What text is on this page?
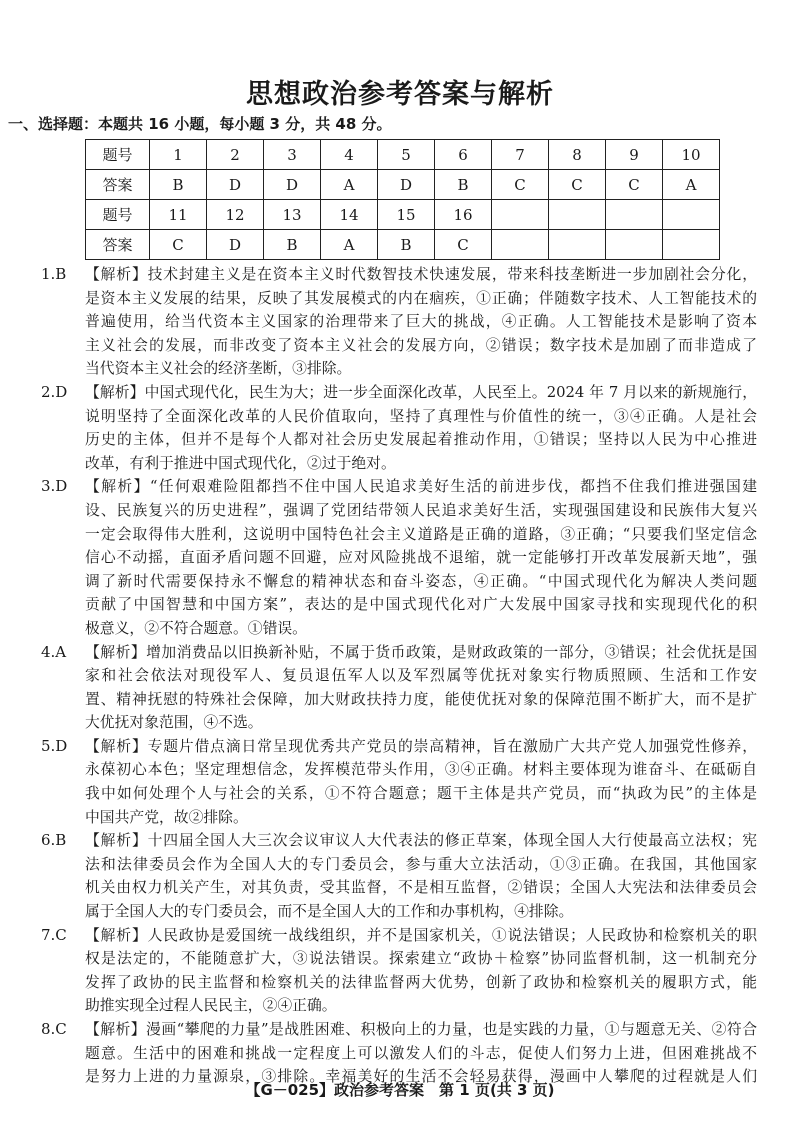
思想政治参考答案与解析
一、选择题：本题共 16 小题，每小题 3 分，共 48 分。
题号	1	2	3	4	5	6	7	8	9	10
答案	B	D	D	A	D	B	C	C	C	A
题号	11	12	13	14	15	16				
答案	C	D	B	A	B	C				
1.B 【解析】技术封建主义是在资本主义时代数智技术快速发展，带来科技垄断进一步加剧社会分化，
是资本主义发展的结果，反映了其发展模式的内在痼疾，①正确；伴随数字技术、人工智能技术的
普遍使用，给当代资本主义国家的治理带来了巨大的挑战，④正确。人工智能技术是影响了资本
主义社会的发展，而非改变了资本主义社会的发展方向，②错误；数字技术是加剧了而非造成了
当代资本主义社会的经济垄断，③排除。
2.D 【解析】中国式现代化，民生为大；进一步全面深化改革，人民至上。2024 年 7 月以来的新规施行，
说明坚持了全面深化改革的人民价值取向，坚持了真理性与价值性的统一，③④正确。人是社会
历史的主体，但并不是每个人都对社会历史发展起着推动作用，①错误；坚持以人民为中心推进
改革，有利于推进中国式现代化，②过于绝对。
3.D 【解析】“任何艰难险阻都挡不住中国人民追求美好生活的前进步伐，都挡不住我们推进强国建
设、民族复兴的历史进程”，强调了党团结带领人民追求美好生活，实现强国建设和民族伟大复兴
一定会取得伟大胜利，这说明中国特色社会主义道路是正确的道路，③正确；“只要我们坚定信念
信心不动摇，直面矛盾问题不回避，应对风险挑战不退缩，就一定能够打开改革发展新天地”，强
调了新时代需要保持永不懈怠的精神状态和奋斗姿态，④正确。“中国式现代化为解决人类问题
贡献了中国智慧和中国方案”，表达的是中国式现代化对广大发展中国家寻找和实现现代化的积
极意义，②不符合题意。①错误。
4.A 【解析】增加消费品以旧换新补贴，不属于货币政策，是财政政策的一部分，③错误；社会优抚是国
家和社会依法对现役军人、复员退伍军人以及军烈属等优抚对象实行物质照顾、生活和工作安
置、精神抚慰的特殊社会保障，加大财政扶持力度，能使优抚对象的保障范围不断扩大，而不是扩
大优抚对象范围，④不选。
5.D 【解析】专题片借点滴日常呈现优秀共产党员的崇高精神，旨在激励广大共产党人加强党性修养，
永葆初心本色；坚定理想信念，发挥模范带头作用，③④正确。材料主要体现为谁奋斗、在砥砺自
我中如何处理个人与社会的关系，①不符合题意；题干主体是共产党员，而“执政为民”的主体是
中国共产党，故②排除。
6.B 【解析】十四届全国人大三次会议审议人大代表法的修正草案，体现全国人大行使最高立法权；宪
法和法律委员会作为全国人大的专门委员会，参与重大立法活动，①③正确。在我国，其他国家
机关由权力机关产生，对其负责，受其监督，不是相互监督，②错误；全国人大宪法和法律委员会
属于全国人大的专门委员会，而不是全国人大的工作和办事机构，④排除。
7.C 【解析】人民政协是爱国统一战线组织，并不是国家机关，①说法错误；人民政协和检察机关的职
权是法定的，不能随意扩大，③说法错误。探索建立“政协＋检察”协同监督机制，这一机制充分
发挥了政协的民主监督和检察机关的法律监督两大优势，创新了政协和检察机关的履职方式，能
助推实现全过程人民民主，②④正确。
8.C 【解析】漫画“攀爬的力量”是战胜困难、积极向上的力量，也是实践的力量，①与题意无关、②符合
题意。生活中的困难和挑战一定程度上可以激发人们的斗志，促使人们努力上进，但困难挑战不
是努力上进的力量源泉，③排除。幸福美好的生活不会轻易获得，漫画中人攀爬的过程就是人们
【G－025】政治参考答案　第 1 页(共 3 页)
